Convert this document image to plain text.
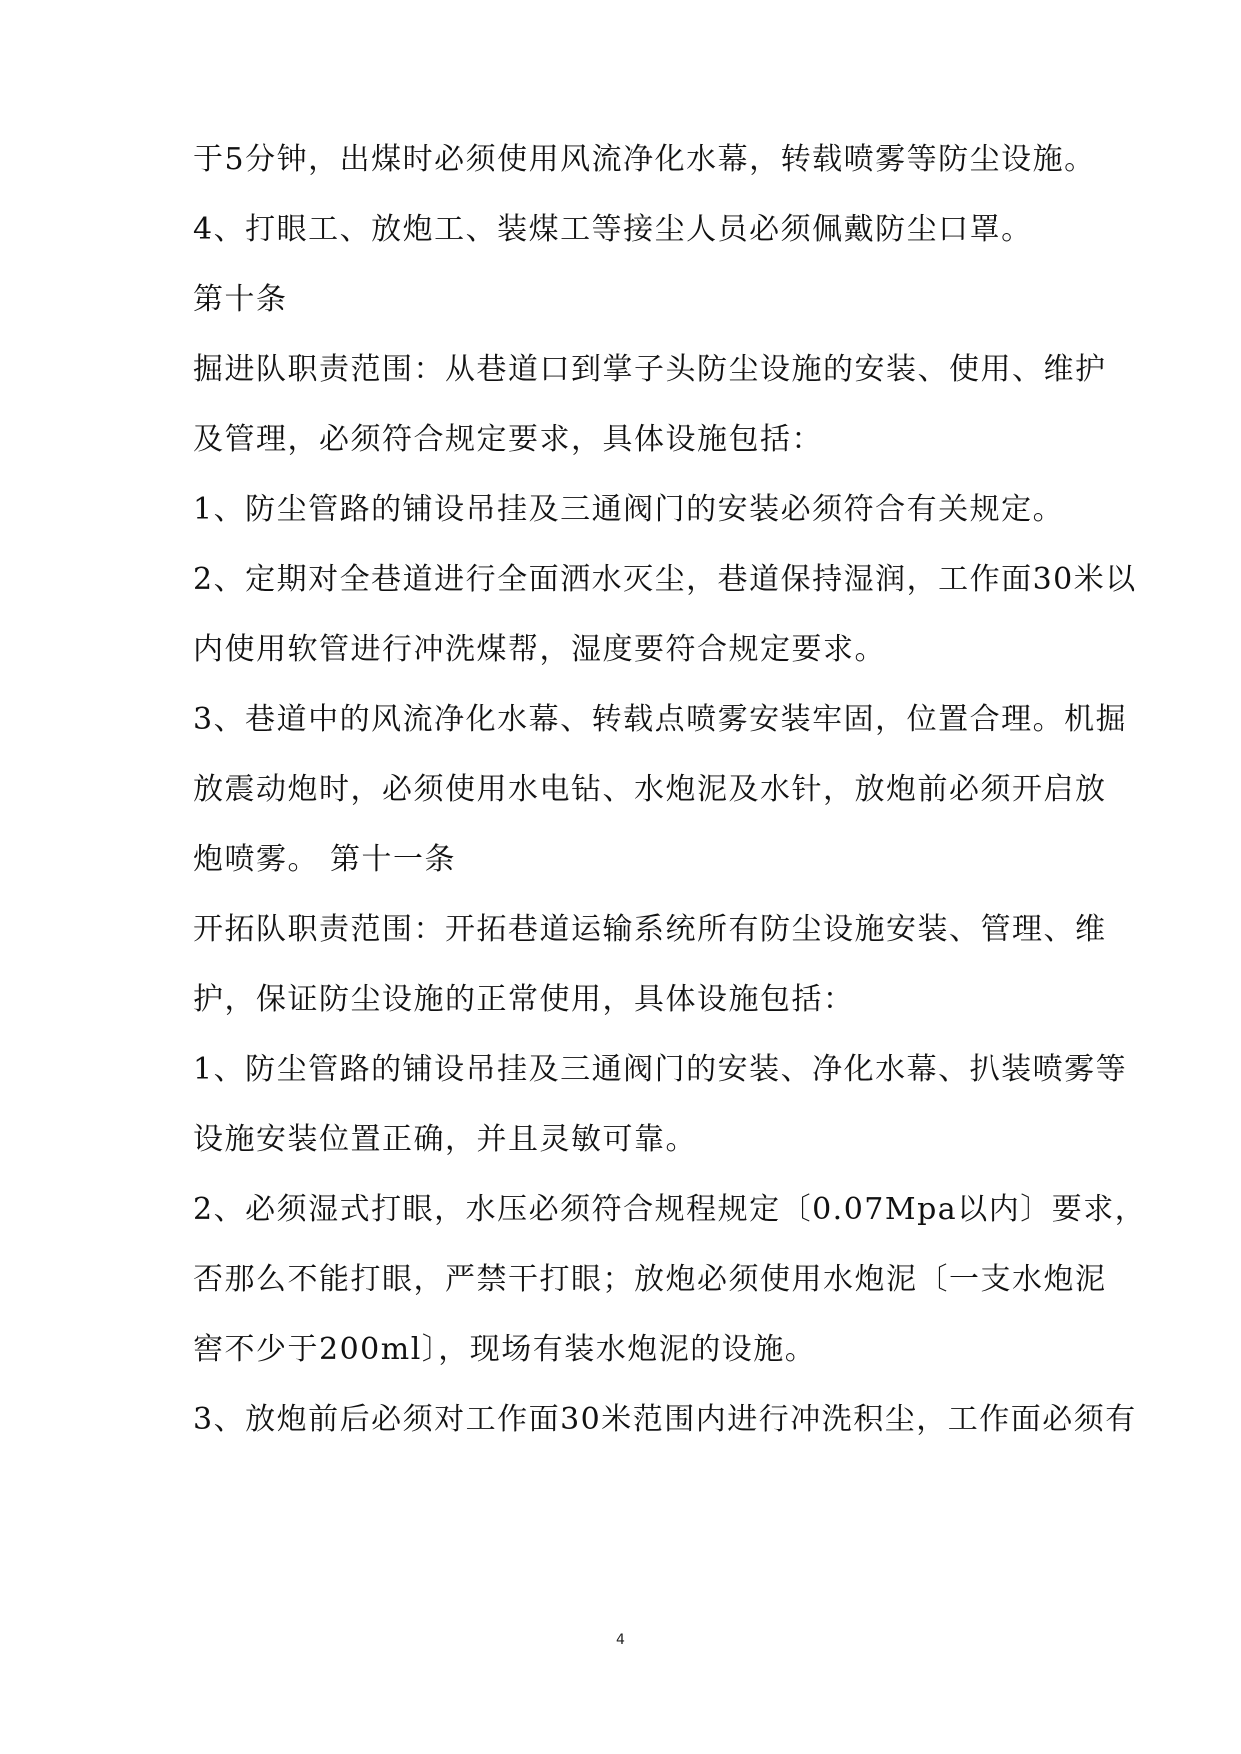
于5分钟，出煤时必须使用风流净化水幕，转载喷雾等防尘设施。
4、打眼工、放炮工、装煤工等接尘人员必须佩戴防尘口罩。
第十条
掘进队职责范围：从巷道口到掌子头防尘设施的安装、使用、维护
及管理，必须符合规定要求，具体设施包括：
1、防尘管路的铺设吊挂及三通阀门的安装必须符合有关规定。
2、定期对全巷道进行全面洒水灭尘，巷道保持湿润，工作面30米以
内使用软管进行冲洗煤帮，湿度要符合规定要求。
3、巷道中的风流净化水幕、转载点喷雾安装牢固，位置合理。机掘
放震动炮时，必须使用水电钻、水炮泥及水针，放炮前必须开启放
炮喷雾。 第十一条
开拓队职责范围：开拓巷道运输系统所有防尘设施安装、管理、维
护，保证防尘设施的正常使用，具体设施包括：
1、防尘管路的铺设吊挂及三通阀门的安装、净化水幕、扒装喷雾等
设施安装位置正确，并且灵敏可靠。
2、必须湿式打眼，水压必须符合规程规定〔0.07Mpa以内〕要求，
否那么不能打眼，严禁干打眼；放炮必须使用水炮泥〔一支水炮泥
窖不少于200ml〕，现场有装水炮泥的设施。
3、放炮前后必须对工作面30米范围内进行冲洗积尘，工作面必须有
4
